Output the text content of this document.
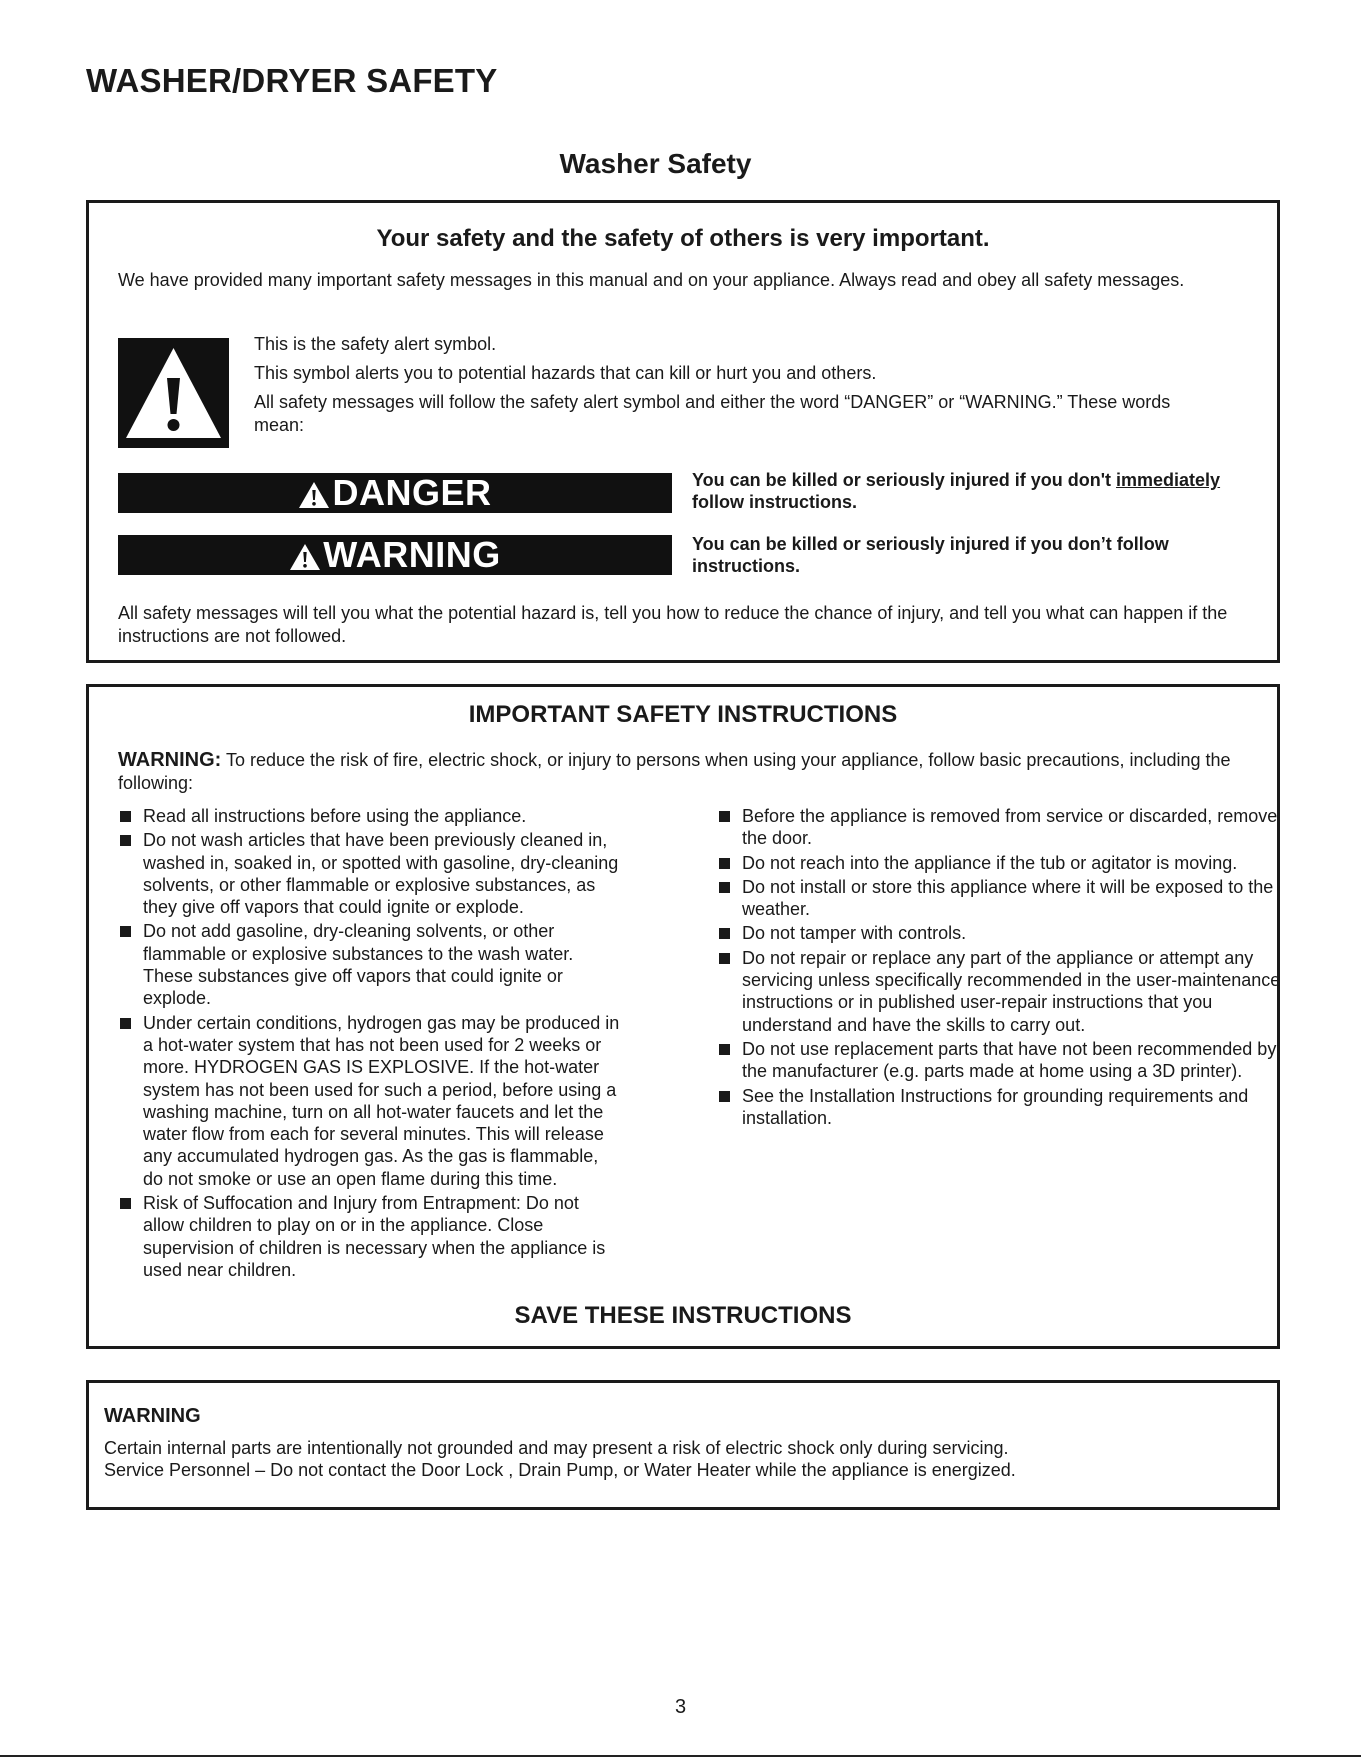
WASHER/DRYER SAFETY
Washer Safety
Your safety and the safety of others is very important.

We have provided many important safety messages in this manual and on your appliance. Always read and obey all safety messages.

This is the safety alert symbol.

This symbol alerts you to potential hazards that can kill or hurt you and others.

All safety messages will follow the safety alert symbol and either the word “DANGER” or “WARNING.” These words mean:

DANGER	You can be killed or seriously injured if you don't immediately follow instructions.
WARNING	You can be killed or seriously injured if you don’t follow instructions.

All safety messages will tell you what the potential hazard is, tell you how to reduce the chance of injury, and tell you what can happen if the instructions are not followed.

IMPORTANT SAFETY INSTRUCTIONS

WARNING: To reduce the risk of fire, electric shock, or injury to persons when using your appliance, follow basic precautions, including the following:

Read all instructions before using the appliance.
Do not wash articles that have been previously cleaned in, washed in, soaked in, or spotted with gasoline, dry-cleaning solvents, or other flammable or explosive substances, as they give off vapors that could ignite or explode.
Do not add gasoline, dry-cleaning solvents, or other flammable or explosive substances to the wash water. These substances give off vapors that could ignite or explode.
Under certain conditions, hydrogen gas may be produced in a hot-water system that has not been used for 2 weeks or more. HYDROGEN GAS IS EXPLOSIVE. If the hot-water system has not been used for such a period, before using a washing machine, turn on all hot-water faucets and let the water flow from each for several minutes. This will release any accumulated hydrogen gas. As the gas is flammable, do not smoke or use an open flame during this time.
Risk of Suffocation and Injury from Entrapment: Do not allow children to play on or in the appliance. Close supervision of children is necessary when the appliance is used near children.
Before the appliance is removed from service or discarded, remove the door.
Do not reach into the appliance if the tub or agitator is moving.
Do not install or store this appliance where it will be exposed to the weather.
Do not tamper with controls.
Do not repair or replace any part of the appliance or attempt any servicing unless specifically recommended in the user-maintenance instructions or in published user-repair instructions that you understand and have the skills to carry out.
Do not use replacement parts that have not been recommended by the manufacturer (e.g. parts made at home using a 3D printer).
See the Installation Instructions for grounding requirements and installation.
SAVE THESE INSTRUCTIONS

WARNING

Certain internal parts are intentionally not grounded and may present a risk of electric shock only during servicing.
Service Personnel – Do not contact the Door Lock , Drain Pump, or Water Heater while the appliance is energized.

3
